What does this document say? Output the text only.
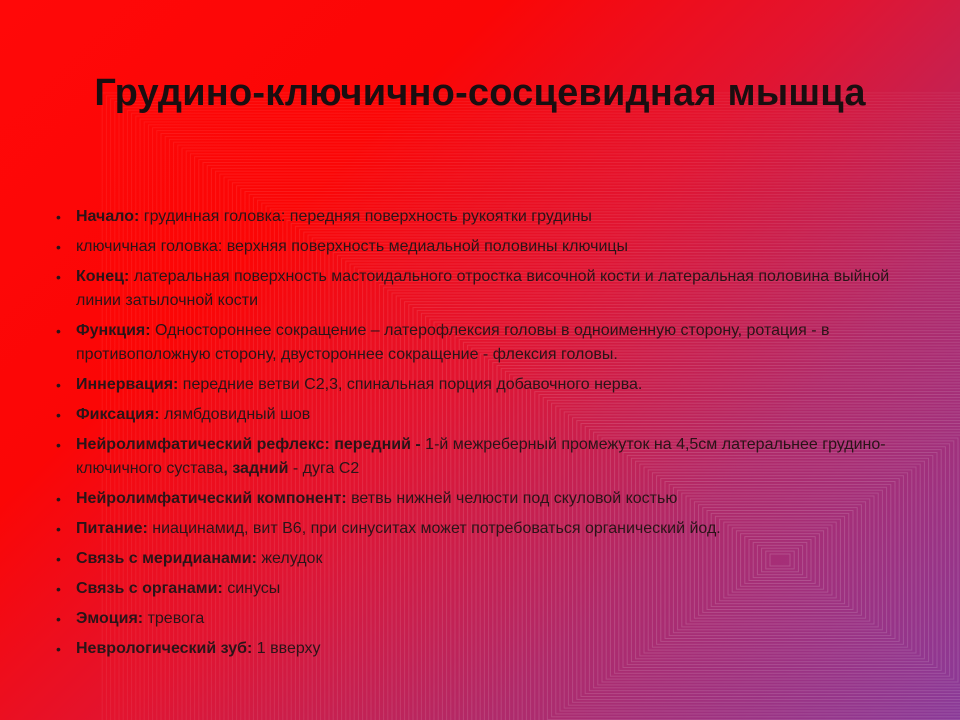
Грудино-ключично-сосцевидная мышца
• Начало: грудинная головка: передняя поверхность рукоятки грудины
• ключичная головка: верхняя поверхность медиальной половины ключицы
• Конец: латеральная поверхность мастоидального отростка височной кости и латеральная половина выйной линии затылочной кости
• Функция: Одностороннее сокращение – латерофлексия головы в одноименную сторону, ротация - в противоположную сторону, двустороннее сокращение - флексия головы.
• Иннервация: передние ветви С2,3, спинальная порция добавочного нерва.
• Фиксация: лямбдовидный шов
• Нейролимфатический рефлекс: передний - 1-й межреберный промежуток на 4,5см латеральнее грудино-ключичного сустава, задний - дуга С2
• Нейролимфатический компонент: ветвь нижней челюсти под скуловой костью
• Питание: ниацинамид, вит В6, при синуситах может потребоваться органический йод.
• Связь с меридианами: желудок
• Связь с органами: синусы
• Эмоция: тревога
• Неврологический зуб: 1 вверху
